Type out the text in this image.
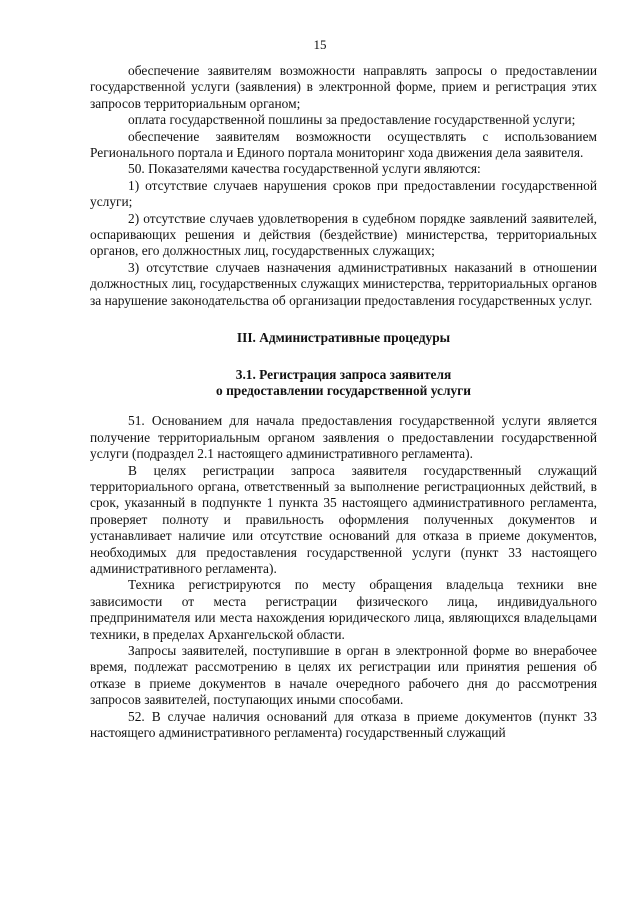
15

обеспечение заявителям возможности направлять запросы о предоставлении государственной услуги (заявления) в электронной форме, прием и регистрация этих запросов территориальным органом;

оплата государственной пошлины за предоставление государственной услуги;

обеспечение заявителям возможности осуществлять с использованием Регионального портала и Единого портала мониторинг хода движения дела заявителя.

50. Показателями качества государственной услуги являются:

1) отсутствие случаев нарушения сроков при предоставлении государственной услуги;

2) отсутствие случаев удовлетворения в судебном порядке заявлений заявителей, оспаривающих решения и действия (бездействие) министерства, территориальных органов, его должностных лиц, государственных служащих;

3) отсутствие случаев назначения административных наказаний в отношении должностных лиц, государственных служащих министерства, территориальных органов за нарушение законодательства об организации предоставления государственных услуг.

III. Административные процедуры
3.1. Регистрация запроса заявителя
о предоставлении государственной услуги

51. Основанием для начала предоставления государственной услуги является получение территориальным органом заявления о предоставлении государственной услуги (подраздел 2.1 настоящего административного регламента).

В целях регистрации запроса заявителя государственный служащий территориального органа, ответственный за выполнение регистрационных действий, в срок, указанный в подпункте 1 пункта 35 настоящего административного регламента, проверяет полноту и правильность оформления полученных документов и устанавливает наличие или отсутствие оснований для отказа в приеме документов, необходимых для предоставления государственной услуги (пункт 33 настоящего административного регламента).

Техника регистрируются по месту обращения владельца техники вне зависимости от места регистрации физического лица, индивидуального предпринимателя или места нахождения юридического лица, являющихся владельцами техники, в пределах Архангельской области.

Запросы заявителей, поступившие в орган в электронной форме во внерабочее время, подлежат рассмотрению в целях их регистрации или принятия решения об отказе в приеме документов в начале очередного рабочего дня до рассмотрения запросов заявителей, поступающих иными способами.

52. В случае наличия оснований для отказа в приеме документов (пункт 33 настоящего административного регламента) государственный служащий
